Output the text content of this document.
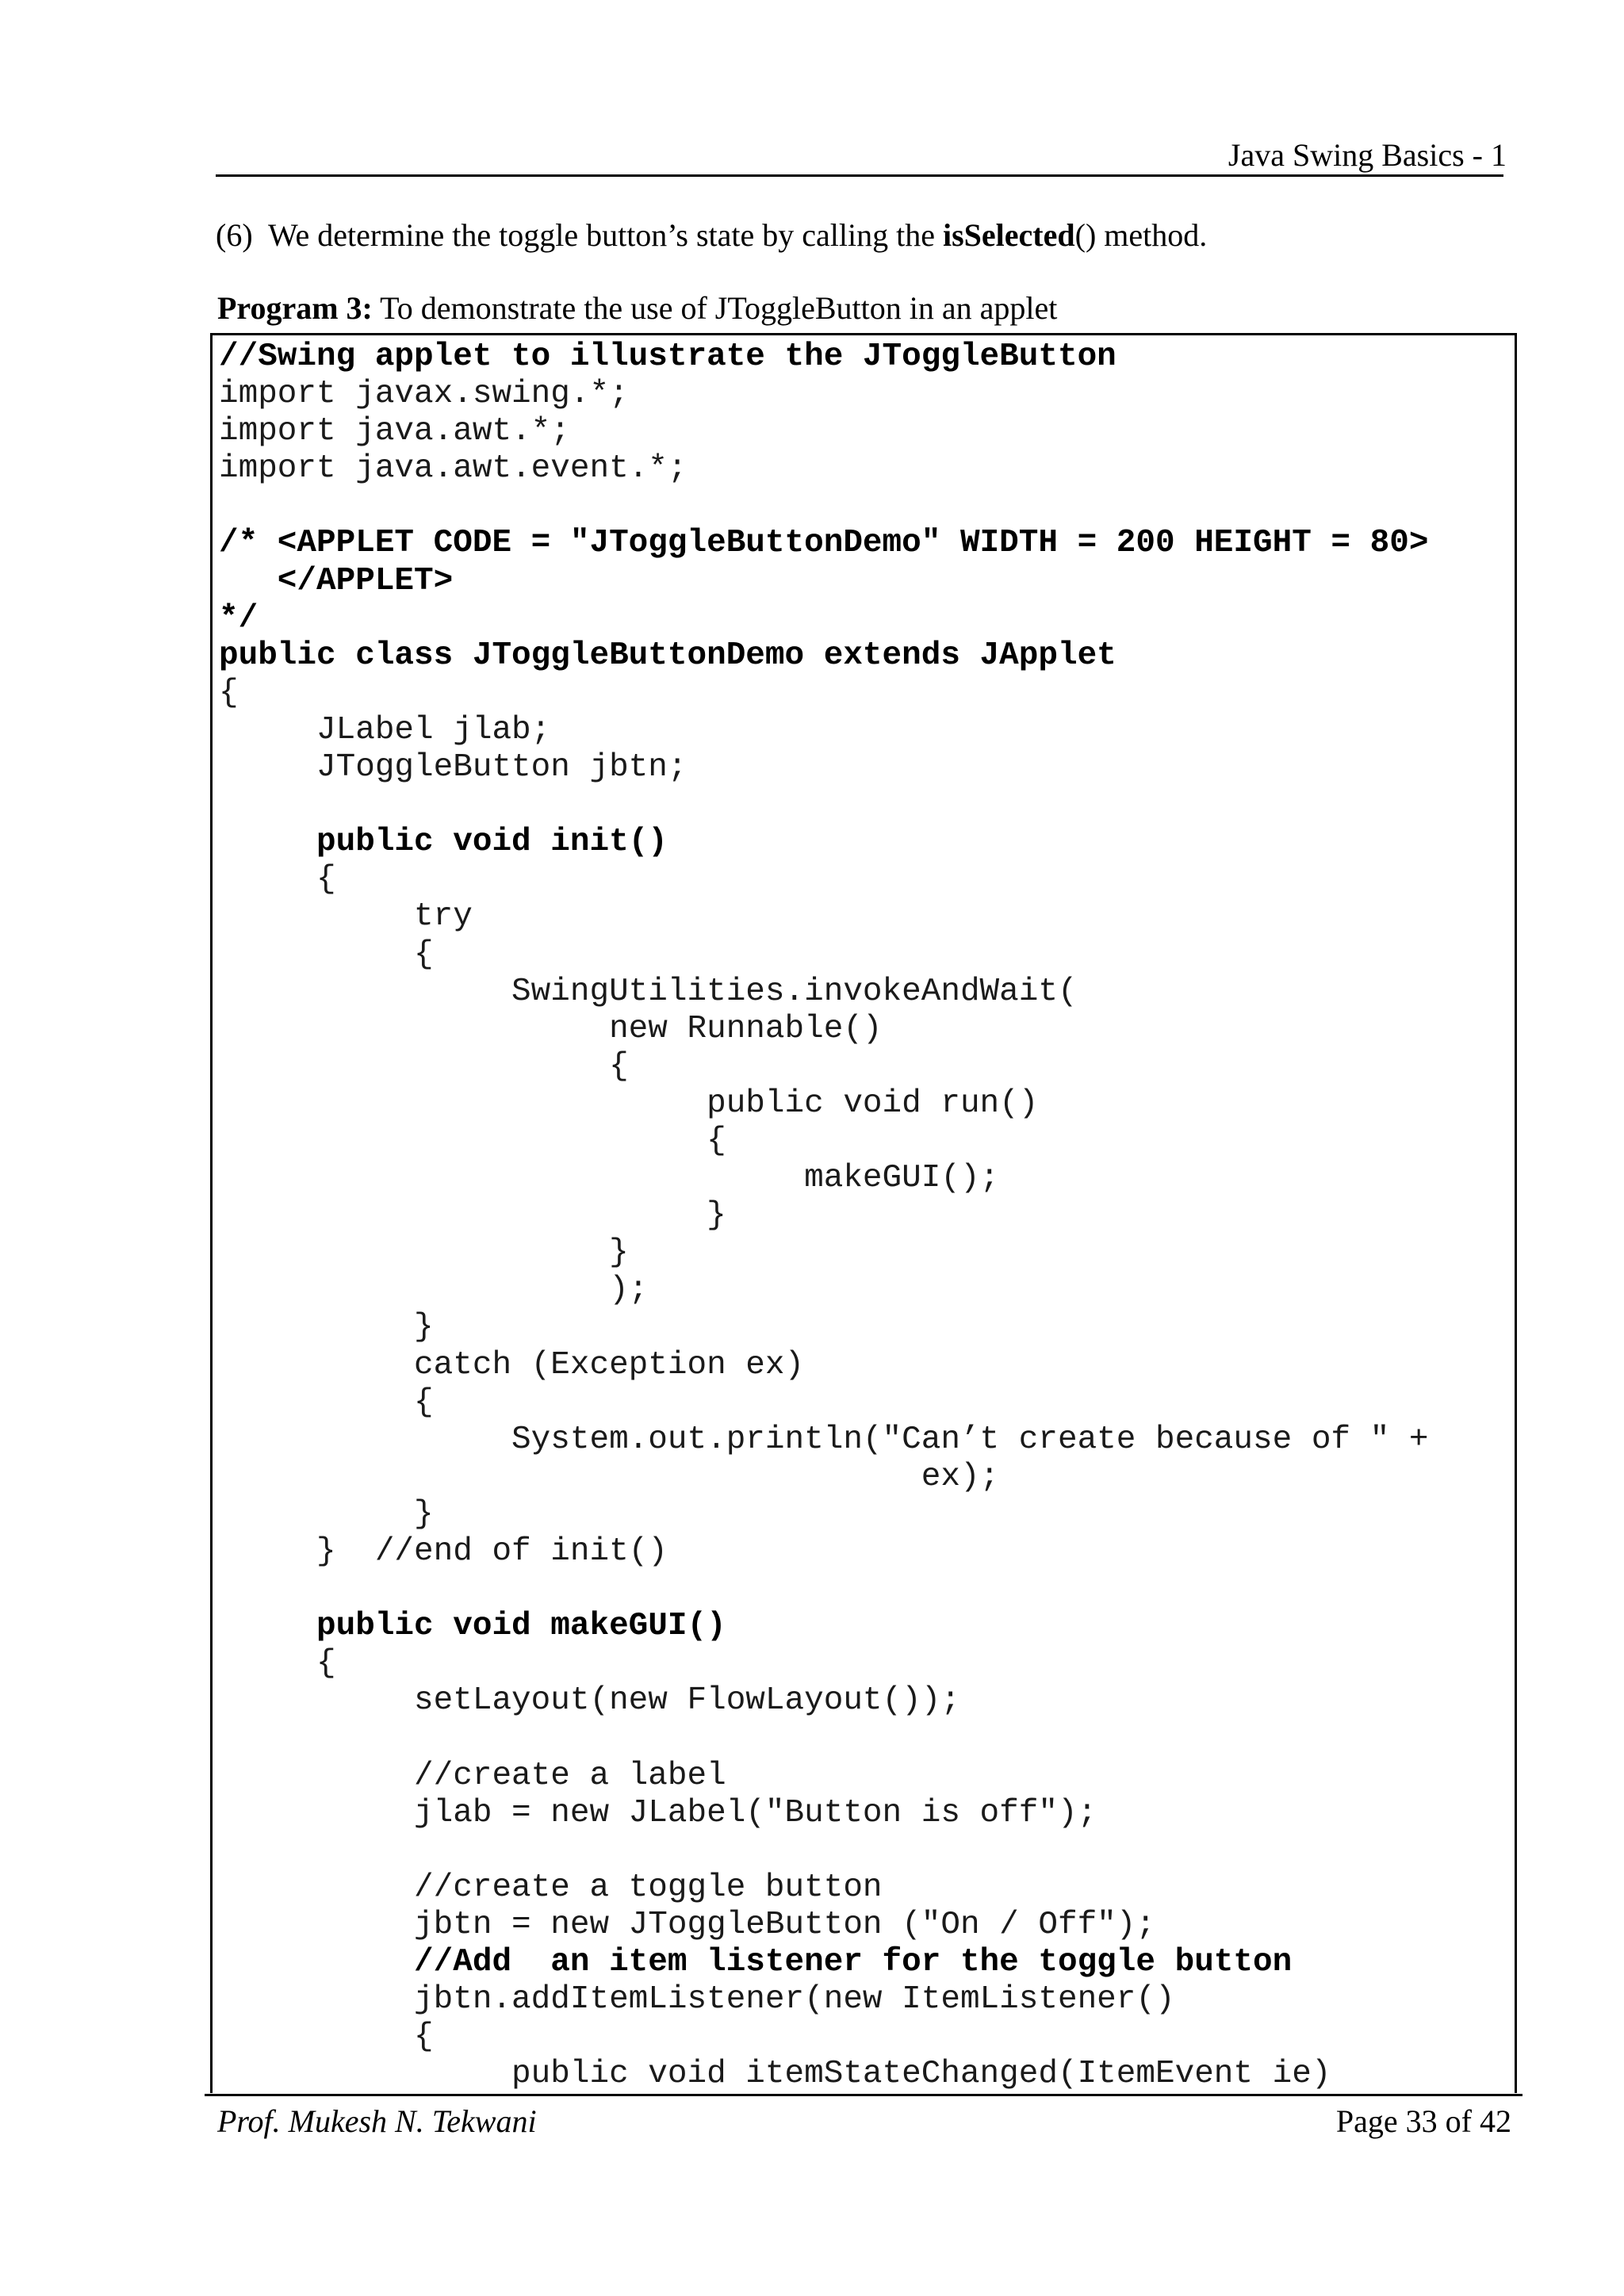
Java Swing Basics - 1
(6) We determine the toggle button’s state by calling the isSelected() method.
Program 3: To demonstrate the use of JToggleButton in an applet
//Swing applet to illustrate the JToggleButton
import javax.swing.*;
import java.awt.*;
import java.awt.event.*;
/* <APPLET CODE = "JToggleButtonDemo" WIDTH = 200 HEIGHT = 80>
</APPLET>
*/
public class JToggleButtonDemo extends JApplet
{
JLabel jlab;
JToggleButton jbtn;
public void init()
{
try
{
SwingUtilities.invokeAndWait(
new Runnable()
{
public void run()
{
makeGUI();
}
}
);
}
catch (Exception ex)
{
System.out.println("Can’t create because of " +
ex);
}
}  //end of init()
public void makeGUI()
{
setLayout(new FlowLayout());
//create a label
jlab = new JLabel("Button is off");
//create a toggle button
jbtn = new JToggleButton ("On / Off");
//Add  an item listener for the toggle button
jbtn.addItemListener(new ItemListener()
{
public void itemStateChanged(ItemEvent ie)
Prof. Mukesh N. Tekwani	Page 33 of 42
